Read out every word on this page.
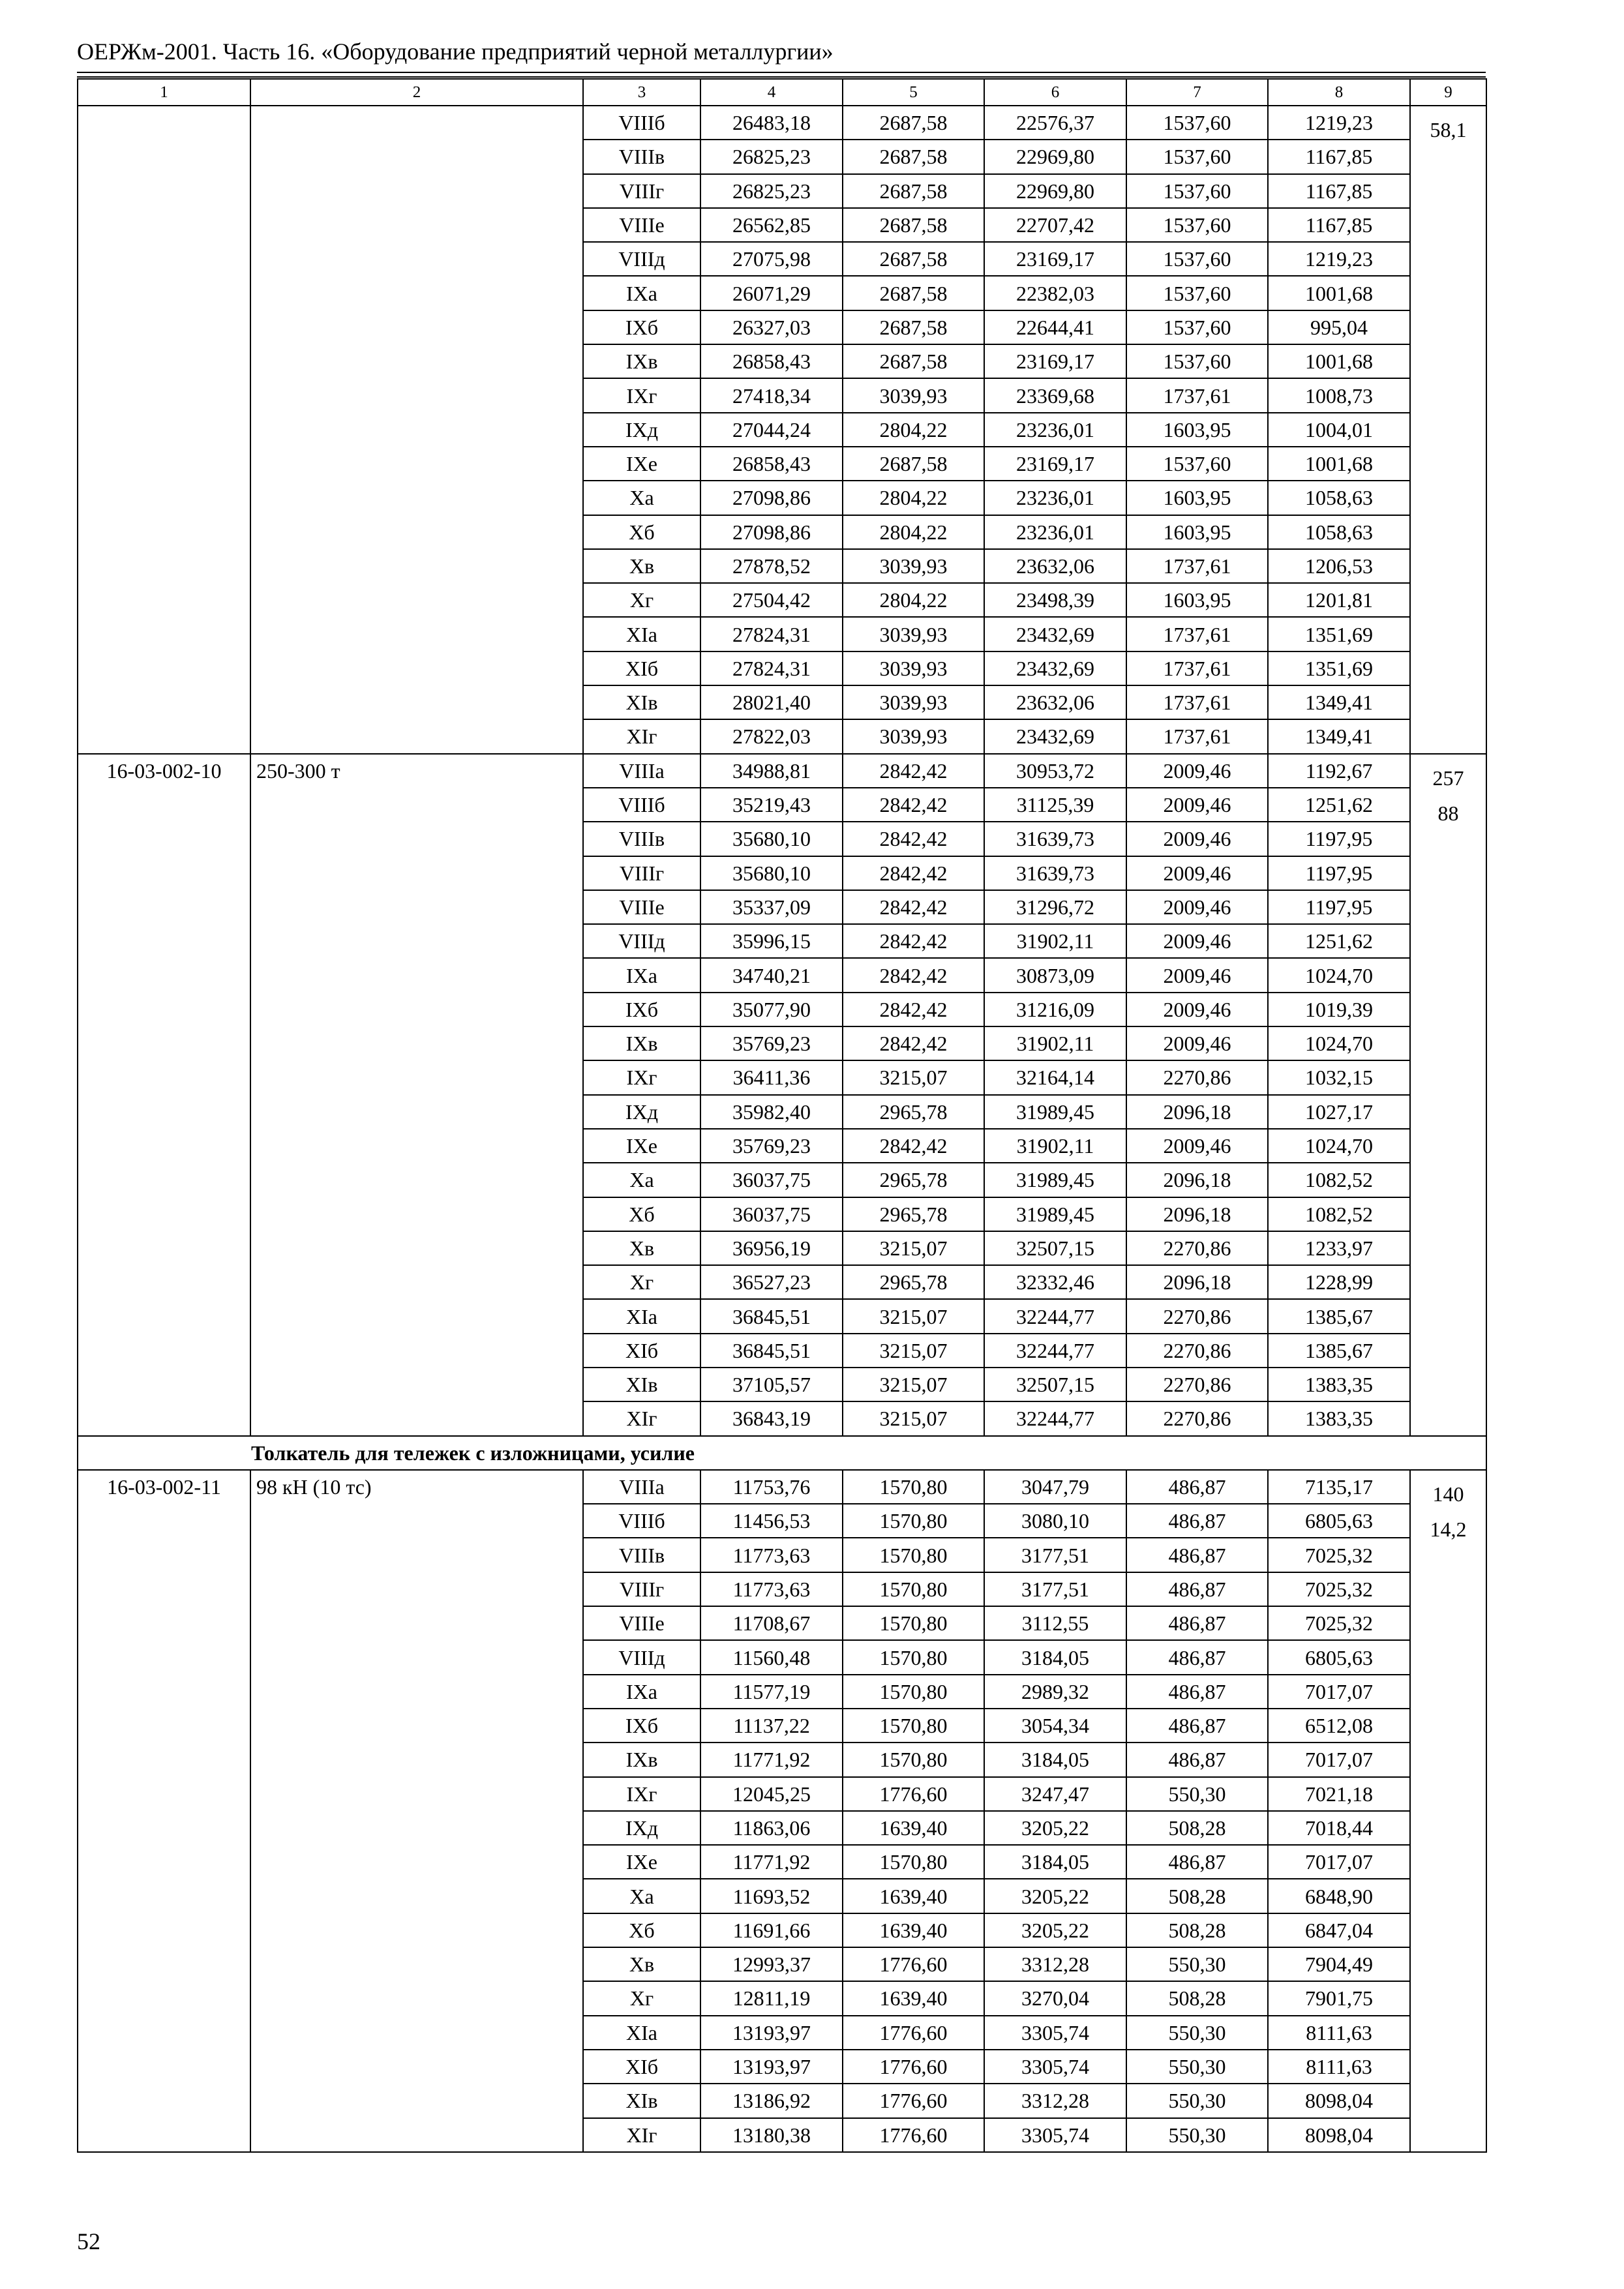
ОЕРЖм-2001. Часть 16. «Оборудование предприятий черной металлургии»
1	2	3	4	5	6	7	8	9
		VIIIб	26483,18	2687,58	22576,37	1537,60	1219,23	58,1

		VIIIв	26825,23	2687,58	22969,80	1537,60	1167,85	
		VIIIг	26825,23	2687,58	22969,80	1537,60	1167,85	
		VIIIе	26562,85	2687,58	22707,42	1537,60	1167,85	
		VIIIд	27075,98	2687,58	23169,17	1537,60	1219,23	
		IXа	26071,29	2687,58	22382,03	1537,60	1001,68	
		IXб	26327,03	2687,58	22644,41	1537,60	995,04	
		IXв	26858,43	2687,58	23169,17	1537,60	1001,68	
		IXг	27418,34	3039,93	23369,68	1737,61	1008,73	
		IXд	27044,24	2804,22	23236,01	1603,95	1004,01	
		IXе	26858,43	2687,58	23169,17	1537,60	1001,68	
		Xа	27098,86	2804,22	23236,01	1603,95	1058,63	
		Xб	27098,86	2804,22	23236,01	1603,95	1058,63	
		Xв	27878,52	3039,93	23632,06	1737,61	1206,53	
		Xг	27504,42	2804,22	23498,39	1603,95	1201,81	
		XIа	27824,31	3039,93	23432,69	1737,61	1351,69	
		XIб	27824,31	3039,93	23432,69	1737,61	1351,69	
		XIв	28021,40	3039,93	23632,06	1737,61	1349,41	
		XIг	27822,03	3039,93	23432,69	1737,61	1349,41	
16-03-002-10	250-300 т	VIIIа	34988,81	2842,42	30953,72	2009,46	1192,67	257
88

		VIIIб	35219,43	2842,42	31125,39	2009,46	1251,62	
		VIIIв	35680,10	2842,42	31639,73	2009,46	1197,95	
		VIIIг	35680,10	2842,42	31639,73	2009,46	1197,95	
		VIIIе	35337,09	2842,42	31296,72	2009,46	1197,95	
		VIIIд	35996,15	2842,42	31902,11	2009,46	1251,62	
		IXа	34740,21	2842,42	30873,09	2009,46	1024,70	
		IXб	35077,90	2842,42	31216,09	2009,46	1019,39	
		IXв	35769,23	2842,42	31902,11	2009,46	1024,70	
		IXг	36411,36	3215,07	32164,14	2270,86	1032,15	
		IXд	35982,40	2965,78	31989,45	2096,18	1027,17	
		IXе	35769,23	2842,42	31902,11	2009,46	1024,70	
		Xа	36037,75	2965,78	31989,45	2096,18	1082,52	
		Xб	36037,75	2965,78	31989,45	2096,18	1082,52	
		Xв	36956,19	3215,07	32507,15	2270,86	1233,97	
		Xг	36527,23	2965,78	32332,46	2096,18	1228,99	
		XIа	36845,51	3215,07	32244,77	2270,86	1385,67	
		XIб	36845,51	3215,07	32244,77	2270,86	1385,67	
		XIв	37105,57	3215,07	32507,15	2270,86	1383,35	
		XIг	36843,19	3215,07	32244,77	2270,86	1383,35	
Толкатель для тележек с изложницами, усилие								
16-03-002-11	98 кН (10 тс)	VIIIа	11753,76	1570,80	3047,79	486,87	7135,17	140
14,2

		VIIIб	11456,53	1570,80	3080,10	486,87	6805,63	
		VIIIв	11773,63	1570,80	3177,51	486,87	7025,32	
		VIIIг	11773,63	1570,80	3177,51	486,87	7025,32	
		VIIIе	11708,67	1570,80	3112,55	486,87	7025,32	
		VIIIд	11560,48	1570,80	3184,05	486,87	6805,63	
		IXа	11577,19	1570,80	2989,32	486,87	7017,07	
		IXб	11137,22	1570,80	3054,34	486,87	6512,08	
		IXв	11771,92	1570,80	3184,05	486,87	7017,07	
		IXг	12045,25	1776,60	3247,47	550,30	7021,18	
		IXд	11863,06	1639,40	3205,22	508,28	7018,44	
		IXе	11771,92	1570,80	3184,05	486,87	7017,07	
		Xа	11693,52	1639,40	3205,22	508,28	6848,90	
		Xб	11691,66	1639,40	3205,22	508,28	6847,04	
		Xв	12993,37	1776,60	3312,28	550,30	7904,49	
		Xг	12811,19	1639,40	3270,04	508,28	7901,75	
		XIа	13193,97	1776,60	3305,74	550,30	8111,63	
		XIб	13193,97	1776,60	3305,74	550,30	8111,63	
		XIв	13186,92	1776,60	3312,28	550,30	8098,04	
		XIг	13180,38	1776,60	3305,74	550,30	8098,04	
52
